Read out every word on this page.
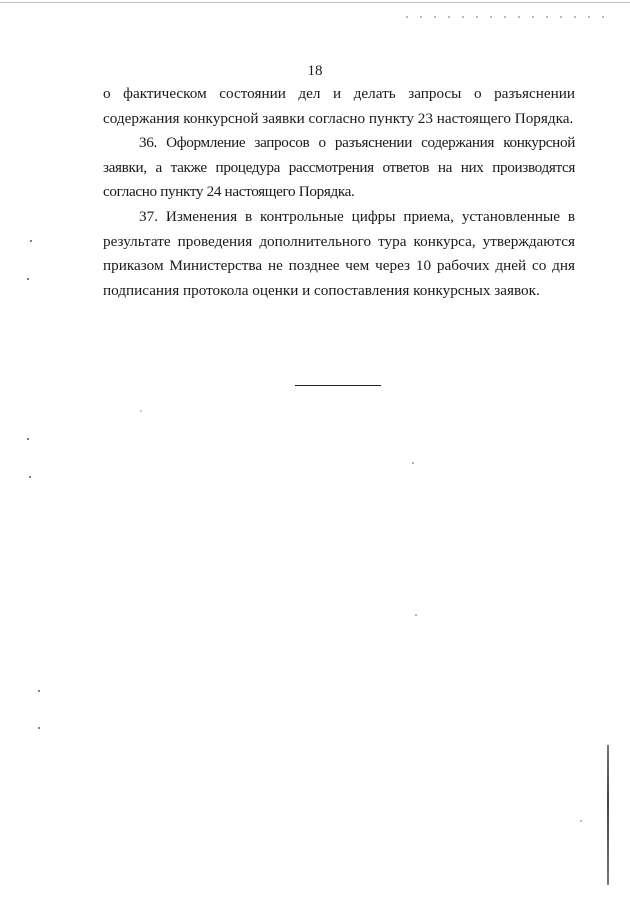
18

о фактическом состоянии дел и делать запросы о разъяснении содержания конкурсной заявки согласно пункту 23 настоящего Порядка.

36. Оформление запросов о разъяснении содержания конкурсной заявки, а также процедура рассмотрения ответов на них производятся согласно пункту 24 настоящего Порядка.

37. Изменения в контрольные цифры приема, установленные в результате проведения дополнительного тура конкурса, утверждаются приказом Министерства не позднее чем через 10 рабочих дней со дня подписания протокола оценки и сопоставления конкурсных заявок.
